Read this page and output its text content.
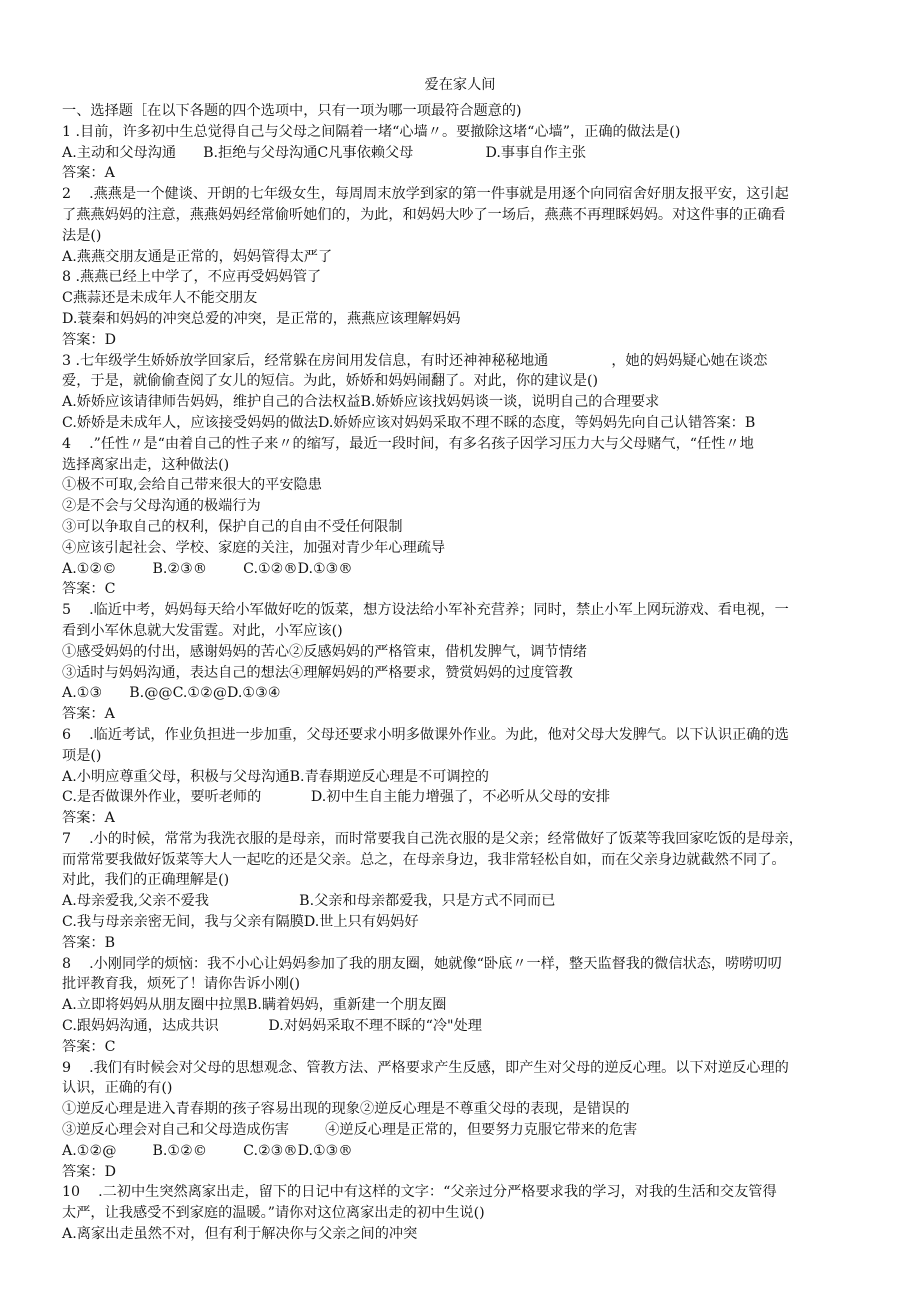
爱在家人间
一、选择题［在以下各题的四个选项中，只有一项为哪一项最符合题意的)
1 .目前，许多初中生总觉得自己与父母之间隔着一堵“心墙〃。要撤除这堵“心墙”，正确的做法是()
A.主动和父母沟通      B.拒绝与父母沟通C凡事依赖父母                D.事事自作主张
答案：A
2    .燕燕是一个健谈、开朗的七年级女生，每周周末放学到家的第一件事就是用逐个向同宿舍好朋友报平安，这引起
了燕燕妈妈的注意，燕燕妈妈经常偷听她们的，为此，和妈妈大吵了一场后，燕燕不再理睬妈妈。对这件事的正确看
法是()
A.燕燕交朋友通是正常的，妈妈管得太严了
8 .燕燕已经上中学了，不应再受妈妈管了
C燕蒜还是未成年人不能交朋友
D.蓑秦和妈妈的冲突总爱的冲突，是正常的，燕燕应该理解妈妈
答案：D
3 .七年级学生娇娇放学回家后，经常躲在房间用发信息，有时还神神秘秘地通              ，她的妈妈疑心她在谈恋
爱，于是，就偷偷查阅了女儿的短信。为此，娇娇和妈妈闹翻了。对此，你的建议是()
A.娇娇应该请律师告妈妈，维护自己的合法权益B.娇娇应该找妈妈谈一谈，说明自己的合理要求
C.娇娇是未成年人，应该接受妈妈的做法D.娇娇应该对妈妈采取不理不睬的态度，等妈妈先向自己认错答案：B
4    .”任性〃是“由着自己的性子来〃的缩写，最近一段时间，有多名孩子因学习压力大与父母赌气，“任性〃地
选择离家出走，这种做法()
①极不可取,会给自己带来很大的平安隐患
②是不会与父母沟通的极端行为
③可以争取自己的权利，保护自己的自由不受任何限制
④应该引起社会、学校、家庭的关注，加强对青少年心理疏导
A.①②©        B.②③®        C.①②®D.①③®
答案：C
5    .临近中考，妈妈每天给小军做好吃的饭菜，想方设法给小军补充营养；同时，禁止小军上网玩游戏、看电视，一
看到小军休息就大发雷霆。对此，小军应该()
①感受妈妈的付出，感谢妈妈的苦心②反感妈妈的严格管束，借机发脾气，调节情绪
③适时与妈妈沟通，表达自己的想法④理解妈妈的严格要求，赞赏妈妈的过度管教
A.①③      B.@@C.①②@D.①③④
答案：A
6    .临近考试，作业负担进一步加重，父母还要求小明多做课外作业。为此，他对父母大发脾气。以下认识正确的选
项是()
A.小明应尊重父母，积极与父母沟通B.青春期逆反心理是不可调控的
C.是否做课外作业，要听老师的           D.初中生自主能力增强了，不必听从父母的安排
答案：A
7    .小的时候，常常为我洗衣服的是母亲，而时常要我自己洗衣服的是父亲；经常做好了饭菜等我回家吃饭的是母亲，
而常常要我做好饭菜等大人一起吃的还是父亲。总之，在母亲身边，我非常轻松自如，而在父亲身边就截然不同了。
对此，我们的正确理解是()
A.母亲爱我,父亲不爱我                    B.父亲和母亲都爱我，只是方式不同而已
C.我与母亲亲密无间，我与父亲有隔膜D.世上只有妈妈好
答案：B
8    .小刚同学的烦恼：我不小心让妈妈参加了我的朋友圈，她就像“卧底〃一样，整天监督我的微信状态，唠唠叨叨
批评教育我，烦死了！请你告诉小刚()
A.立即将妈妈从朋友圈中拉黑B.瞒着妈妈，重新建一个朋友圈
C.跟妈妈沟通，达成共识           D.对妈妈采取不理不睬的“冷"处理
答案：C
9    .我们有时候会对父母的思想观念、管教方法、严格要求产生反感，即产生对父母的逆反心理。以下对逆反心理的
认识，正确的有()
①逆反心理是进入青春期的孩子容易出现的现象②逆反心理是不尊重父母的表现，是错误的
③逆反心理会对自己和父母造成伤害        ④逆反心理是正常的，但要努力克服它带来的危害
A.①②@        B.①②©        C.②③®D.①③®
答案：D
10    .二初中生突然离家出走，留下的日记中有这样的文字：“父亲过分严格要求我的学习，对我的生活和交友管得
太严，让我感受不到家庭的温暖。”请你对这位离家出走的初中生说()
A.离家出走虽然不对，但有利于解决你与父亲之间的冲突
